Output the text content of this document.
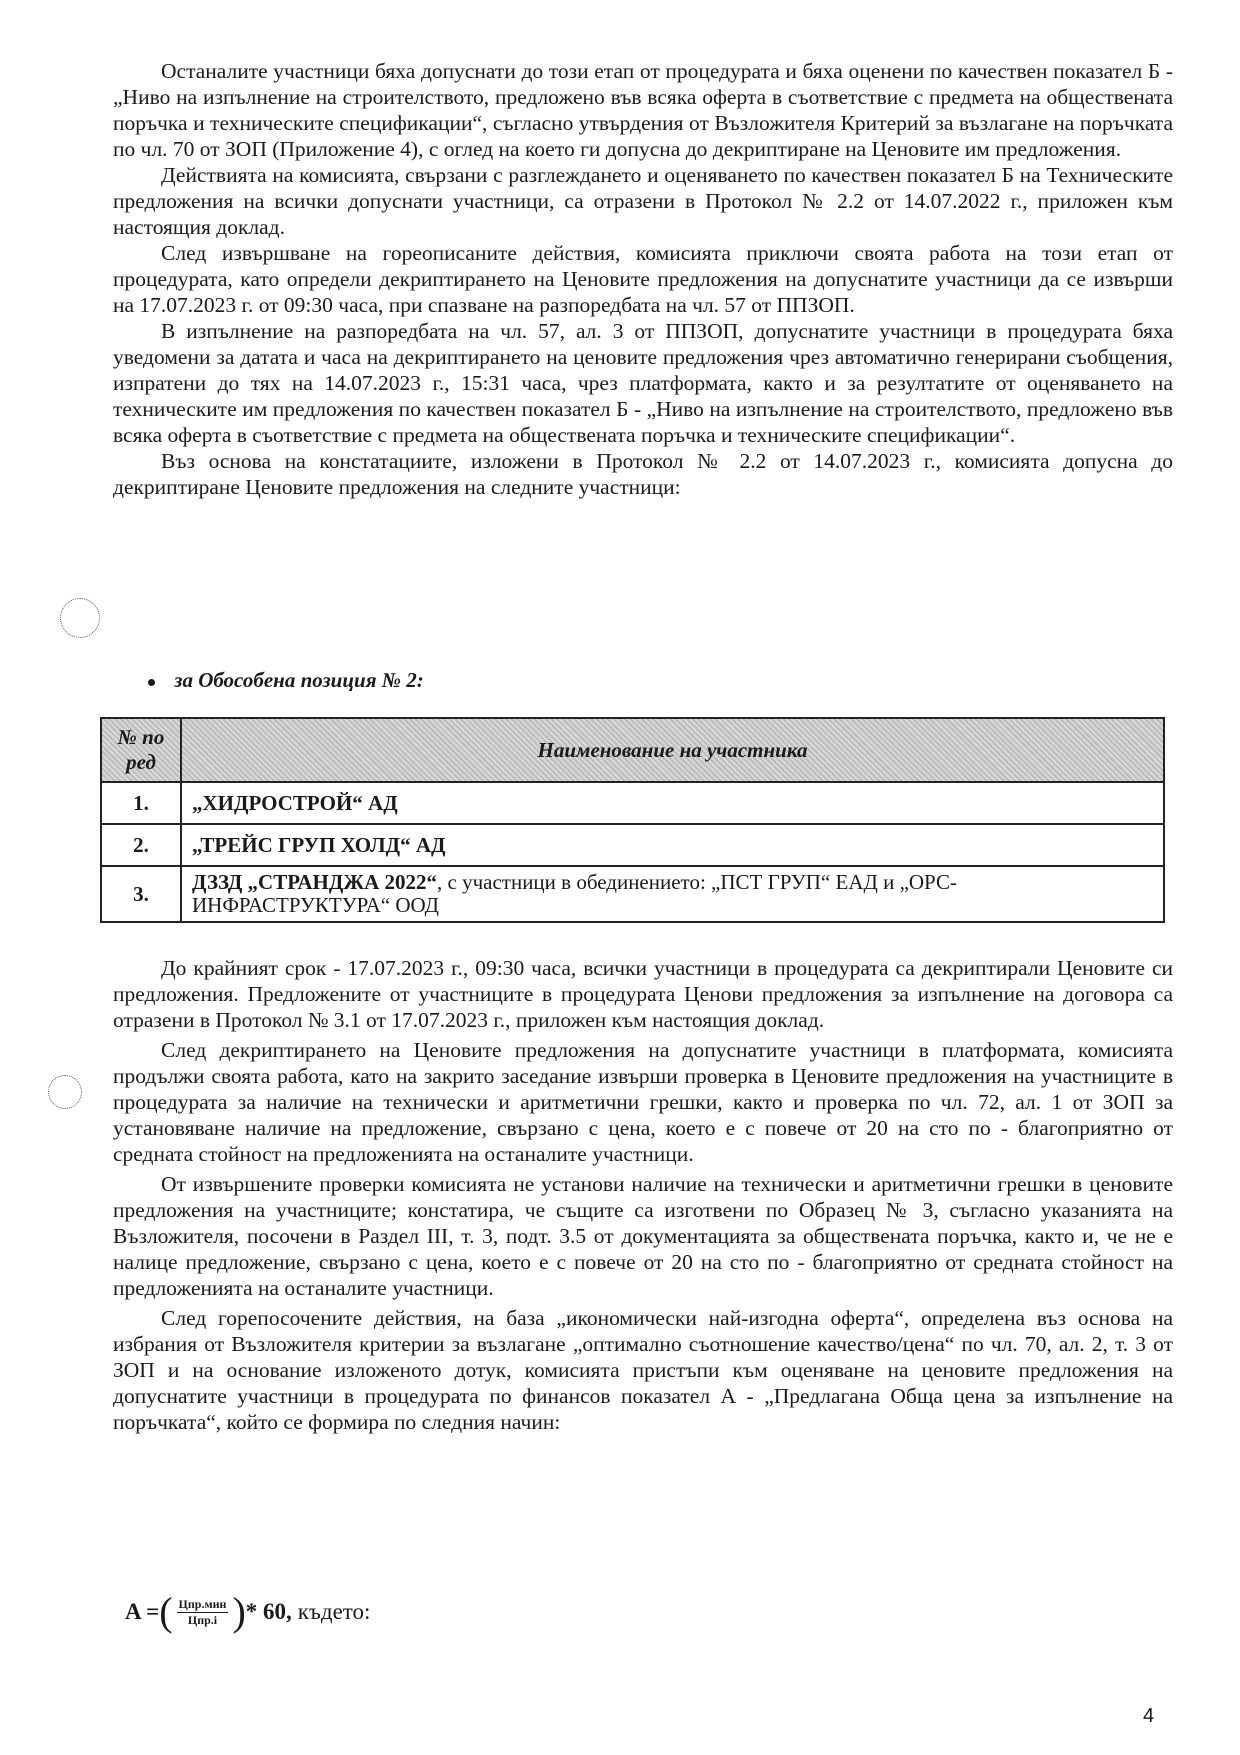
Останалите участници бяха допуснати до този етап от процедурата и бяха оценени по качествен показател Б - „Ниво на изпълнение на строителството, предложено във всяка оферта в съответствие с предмета на обществената поръчка и техническите спецификации“, съгласно утвърдения от Възложителя Критерий за възлагане на поръчката по чл. 70 от ЗОП (Приложение 4), с оглед на което ги допусна до декриптиране на Ценовите им предложения.

Действията на комисията, свързани с разглеждането и оценяването по качествен показател Б на Техническите предложения на всички допуснати участници, са отразени в Протокол № 2.2 от 14.07.2022 г., приложен към настоящия доклад.

След извършване на гореописаните действия, комисията приключи своята работа на този етап от процедурата, като определи декриптирането на Ценовите предложения на допуснатите участници да се извърши на 17.07.2023 г. от 09:30 часа, при спазване на разпоредбата на чл. 57 от ППЗОП.

В изпълнение на разпоредбата на чл. 57, ал. 3 от ППЗОП, допуснатите участници в процедурата бяха уведомени за датата и часа на декриптирането на ценовите предложения чрез автоматично генерирани съобщения, изпратени до тях на 14.07.2023 г., 15:31 часа, чрез платформата, както и за резултатите от оценяването на техническите им предложения по качествен показател Б - „Ниво на изпълнение на строителството, предложено във всяка оферта в съответствие с предмета на обществената поръчка и техническите спецификации“.

Въз основа на констатациите, изложени в Протокол № 2.2 от 14.07.2023 г., комисията допусна до декриптиране Ценовите предложения на следните участници:

за Обособена позиция № 2:
№ по ред	Наименование на участника
1.	„ХИДРОСТРОЙ“ АД
2.	„ТРЕЙС ГРУП ХОЛД“ АД
3.	ДЗЗД „СТРАНДЖА 2022“, с участници в обединението: „ПСТ ГРУП“ ЕАД и „ОРС-ИНФРАСТРУКТУРА“ ООД

До крайният срок - 17.07.2023 г., 09:30 часа, всички участници в процедурата са декриптирали Ценовите си предложения. Предложените от участниците в процедурата Ценови предложения за изпълнение на договора са отразени в Протокол № 3.1 от 17.07.2023 г., приложен към настоящия доклад.

След декриптирането на Ценовите предложения на допуснатите участници в платформата, комисията продължи своята работа, като на закрито заседание извърши проверка в Ценовите предложения на участниците в процедурата за наличие на технически и аритметични грешки, както и проверка по чл. 72, ал. 1 от ЗОП за установяване наличие на предложение, свързано с цена, което е с повече от 20 на сто по - благоприятно от средната стойност на предложенията на останалите участници.

От извършените проверки комисията не установи наличие на технически и аритметични грешки в ценовите предложения на участниците; констатира, че същите са изготвени по Образец № 3, съгласно указанията на Възложителя, посочени в Раздел III, т. 3, подт. 3.5 от документацията за обществената поръчка, както и, че не е налице предложение, свързано с цена, което е с повече от 20 на сто по - благоприятно от средната стойност на предложенията на останалите участници.

След горепосочените действия, на база „икономически най-изгодна оферта“, определена въз основа на избрания от Възложителя критерии за възлагане „оптимално съотношение качество/цена“ по чл. 70, ал. 2, т. 3 от ЗОП и на основание изложеното дотук, комисията пристъпи към оценяване на ценовите предложения на допуснатите участници в процедурата по финансов показател А - „Предлагана Обща цена за изпълнение на поръчката“, който се формира по следния начин:

A = ( $\frac{\text{Цпр.мин}}{\text{Цпр.i}}$ ) * 60, където:
4
